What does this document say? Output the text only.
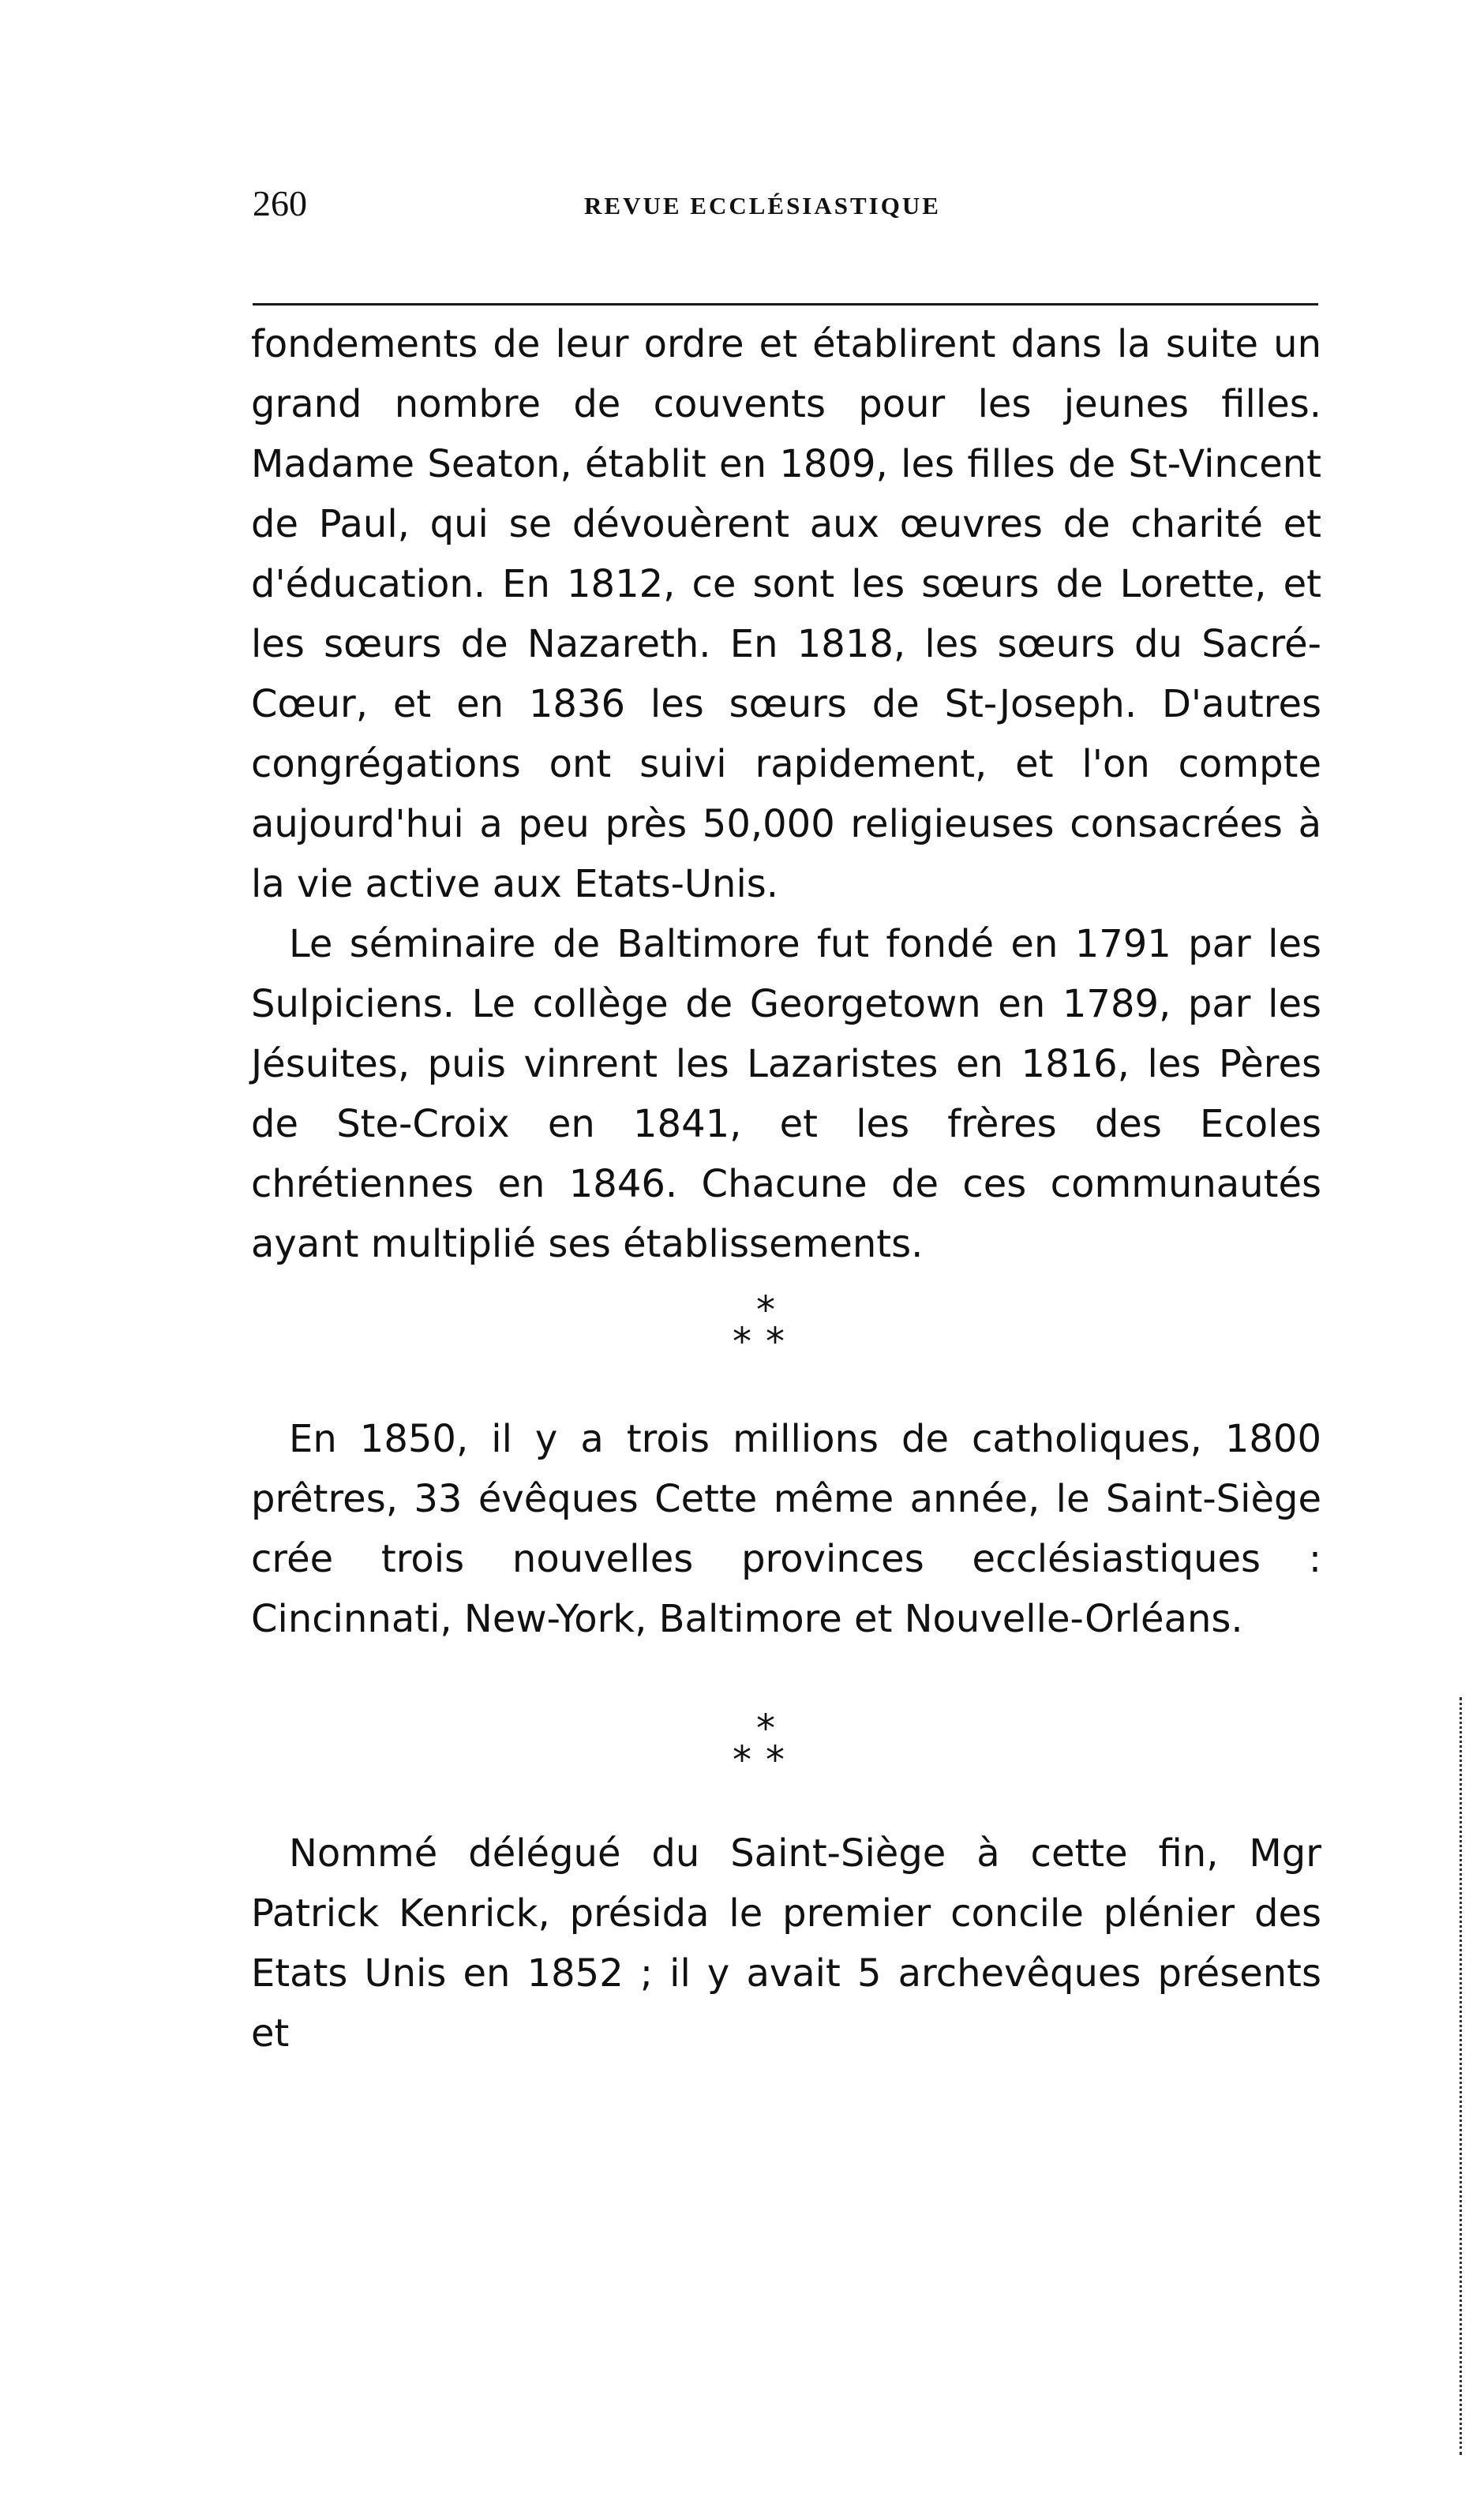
260	REVUE ECCLÉSIASTIQUE

fondements de leur ordre et établirent dans la suite un grand nombre de couvents pour les jeunes filles. Madame Seaton, établit en 1809, les filles de St-Vincent de Paul, qui se dévouèrent aux œuvres de charité et d'éducation. En 1812, ce sont les sœurs de Lorette, et les sœurs de Nazareth. En 1818, les sœurs du Sacré-Cœur, et en 1836 les sœurs de St-Joseph. D'autres congrégations ont suivi rapidement, et l'on compte aujourd'hui a peu près 50,000 religieuses consacrées à la vie active aux Etats-Unis.

Le séminaire de Baltimore fut fondé en 1791 par les Sulpiciens. Le collège de Georgetown en 1789, par les Jésuites, puis vinrent les Lazaristes en 1816, les Pères de Ste-Croix en 1841, et les frères des Ecoles chrétiennes en 1846. Chacune de ces communautés ayant multiplié ses établissements.

*
**

En 1850, il y a trois millions de catholiques, 1800 prêtres, 33 évêques Cette même année, le Saint-Siège crée trois nouvelles provinces ecclésiastiques : Cincinnati, New-York, Baltimore et Nouvelle-Orléans.

*
**

Nommé délégué du Saint-Siège à cette fin, Mgr Patrick Kenrick, présida le premier concile plénier des Etats Unis en 1852 ; il y avait 5 archevêques présents et
